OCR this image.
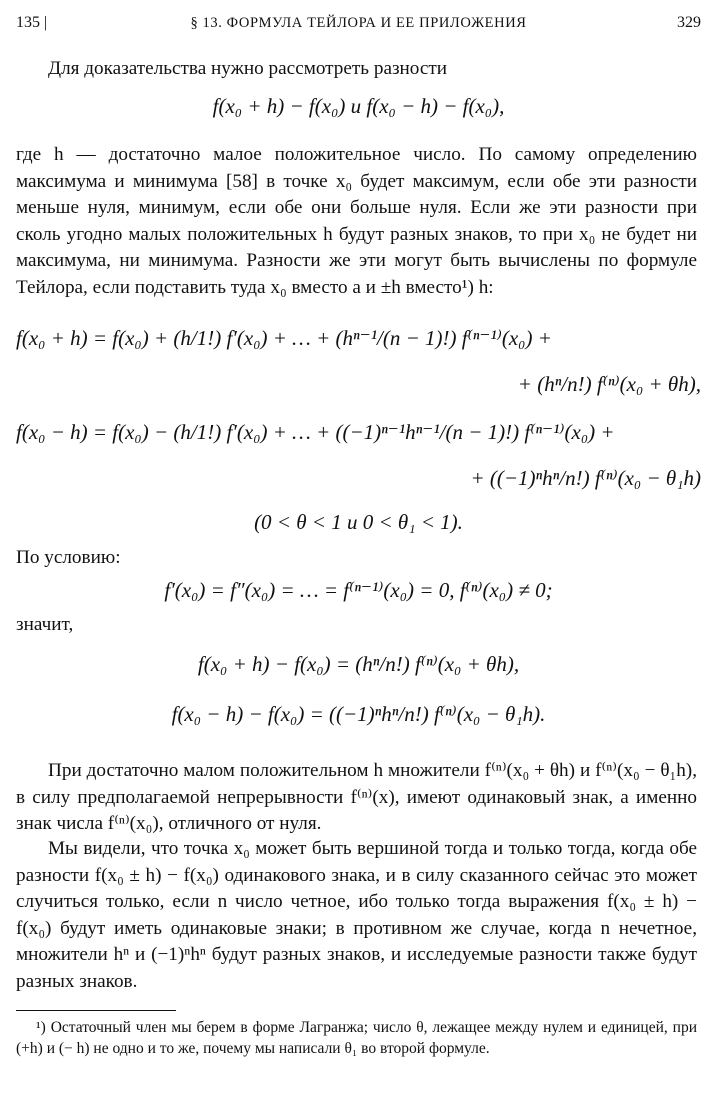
135 |	§ 13. ФОРМУЛА ТЕЙЛОРА И ЕЕ ПРИЛОЖЕНИЯ	329
Для доказательства нужно рассмотреть разности
f(x₀ + h) − f(x₀) и f(x₀ − h) − f(x₀),
где h — достаточно малое положительное число. По самому определению максимума и минимума [58] в точке x₀ будет максимум, если обе эти разности меньше нуля, минимум, если обе они больше нуля. Если же эти разности при сколь угодно малых положительных h будут разных знаков, то при x₀ не будет ни максимума, ни минимума. Разности же эти могут быть вычислены по формуле Тейлора, если подставить туда x₀ вместо a и ±h вместо¹) h:
f(x₀ + h) = f(x₀) + (h/1!) f′(x₀) + … + (hⁿ⁻¹/(n − 1)!) f⁽ⁿ⁻¹⁾(x₀) +
+ (hⁿ/n!) f⁽ⁿ⁾(x₀ + θh),
f(x₀ − h) = f(x₀) − (h/1!) f′(x₀) + … + ((−1)ⁿ⁻¹hⁿ⁻¹/(n − 1)!) f⁽ⁿ⁻¹⁾(x₀) +
+ ((−1)ⁿhⁿ/n!) f⁽ⁿ⁾(x₀ − θ₁h)
(0 < θ < 1 и 0 < θ₁ < 1).
По условию:
f′(x₀) = f″(x₀) = … = f⁽ⁿ⁻¹⁾(x₀) = 0, f⁽ⁿ⁾(x₀) ≠ 0;
значит,
f(x₀ + h) − f(x₀) = (hⁿ/n!) f⁽ⁿ⁾(x₀ + θh),
f(x₀ − h) − f(x₀) = ((−1)ⁿhⁿ/n!) f⁽ⁿ⁾(x₀ − θ₁h).
При достаточно малом положительном h множители f⁽ⁿ⁾(x₀ + θh) и f⁽ⁿ⁾(x₀ − θ₁h), в силу предполагаемой непрерывности f⁽ⁿ⁾(x), имеют одинаковый знак, а именно знак числа f⁽ⁿ⁾(x₀), отличного от нуля.
Мы видели, что точка x₀ может быть вершиной тогда и только тогда, когда обе разности f(x₀ ± h) − f(x₀) одинакового знака, и в силу сказанного сейчас это может случиться только, если n число четное, ибо только тогда выражения f(x₀ ± h) − f(x₀) будут иметь одинаковые знаки; в противном же случае, когда n нечетное, множители hⁿ и (−1)ⁿhⁿ будут разных знаков, и исследуемые разности также будут разных знаков.
¹) Остаточный член мы берем в форме Лагранжа; число θ, лежащее между нулем и единицей, при (+h) и (− h) не одно и то же, почему мы написали θ₁ во второй формуле.
